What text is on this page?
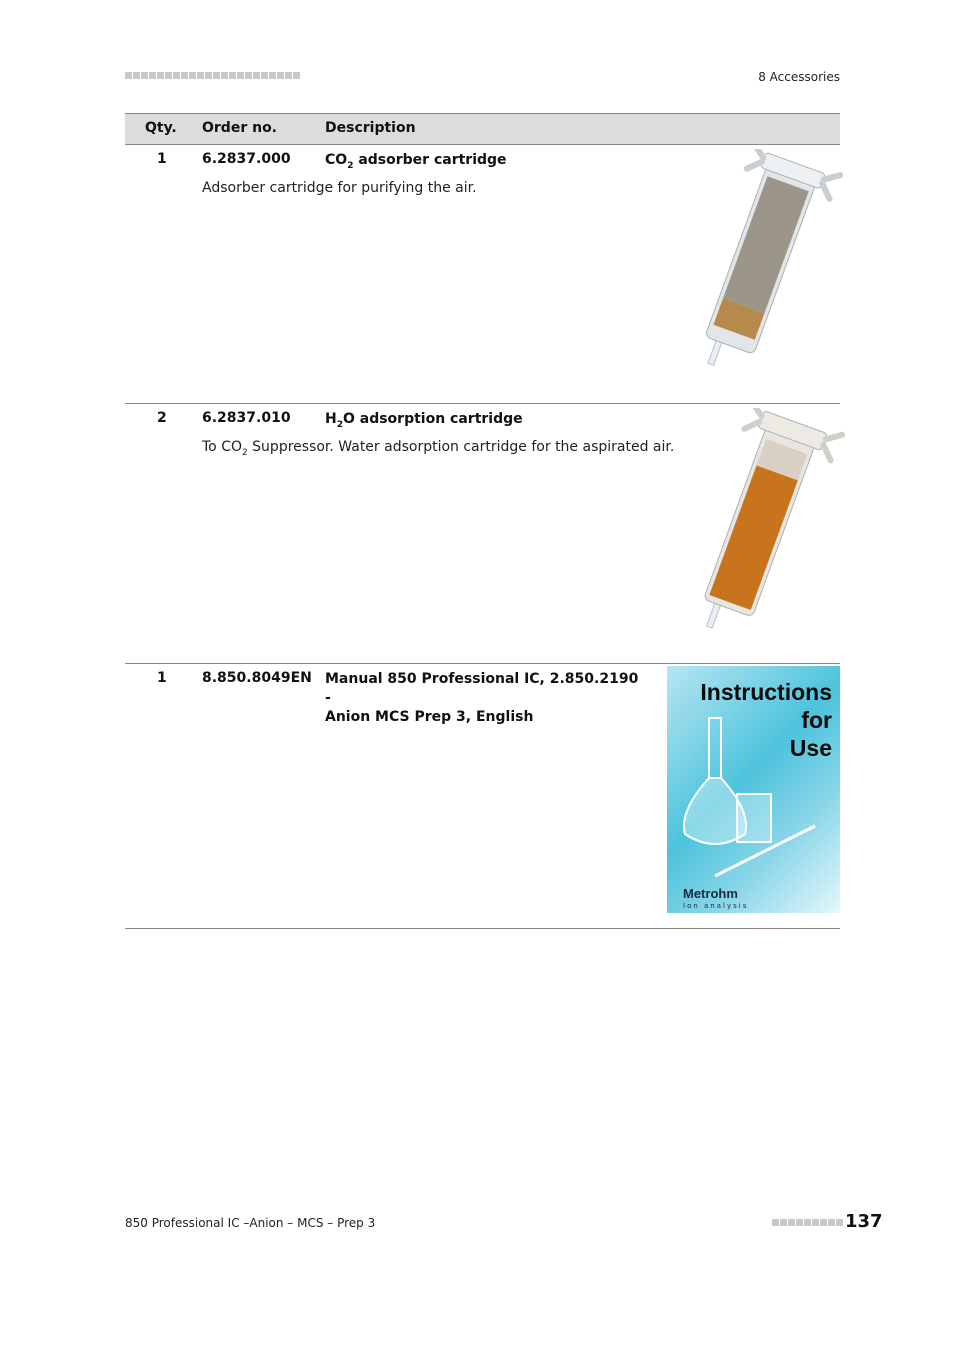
8 Accessories
Qty. Order no.	Description
1	6.2837.000 $CO_2$ adsorber cartridge
Adsorber cartridge for purifying the air.
2	6.2837.010 $H_2O$ adsorption cartridge
To $CO_2$ Suppressor. Water adsorption cartridge for the aspirated air.
1	8.850.8049EN Manual 850 Professional IC, 2.850.2190 -
Anion MCS Prep 3, English
Instructions
for
Use
Metrohm
Ion analysis
850 Professional IC –Anion – MCS – Prep 3	137
